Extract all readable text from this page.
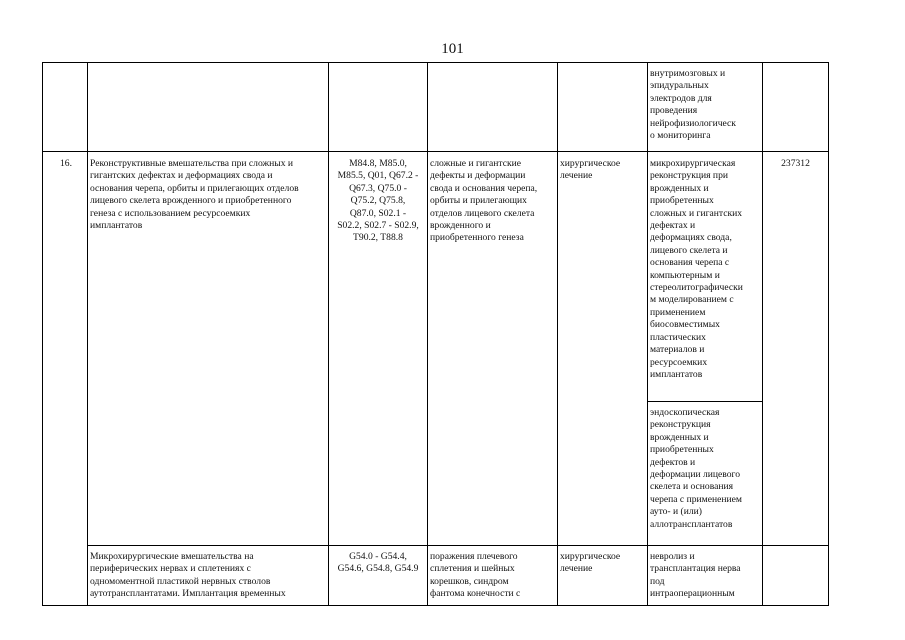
101
внутримозговых и
эпидуральных
электродов для
проведения
нейрофизиологическ
о мониторинга
16.	Реконструктивные вмешательства при сложных и
гигантских дефектах и деформациях свода и
основания черепа, орбиты и прилегающих отделов
лицевого скелета врожденного и приобретенного
генеза с использованием ресурсоемких
имплантатов
M84.8, M85.0,
M85.5, Q01, Q67.2 -
Q67.3, Q75.0 -
Q75.2, Q75.8,
Q87.0, S02.1 -
S02.2, S02.7 - S02.9,
T90.2, T88.8
сложные и гигантские
дефекты и деформации
свода и основания черепа,
орбиты и прилегающих
отделов лицевого скелета
врожденного и
приобретенного генеза
хирургическое
лечение
микрохирургическая
реконструкция при
врожденных и
приобретенных
сложных и гигантских
дефектах и
деформациях свода,
лицевого скелета и
основания черепа с
компьютерным и
стереолитографически
м моделированием с
применением
биосовместимых
пластических
материалов и
ресурсоемких
имплантатов
эндоскопическая
реконструкция
врожденных и
приобретенных
дефектов и
деформации лицевого
скелета и основания
черепа с применением
ауто- и (или)
аллотрансплантатов
237312
Микрохирургические вмешательства на
периферических нервах и сплетениях с
одномоментной пластикой нервных стволов
аутотрансплантатами. Имплантация временных
G54.0 - G54.4,
G54.6, G54.8, G54.9
поражения плечевого
сплетения и шейных
корешков, синдром
фантома конечности с
хирургическое
лечение
невролиз и
трансплантация нерва
под
интраоперационным
